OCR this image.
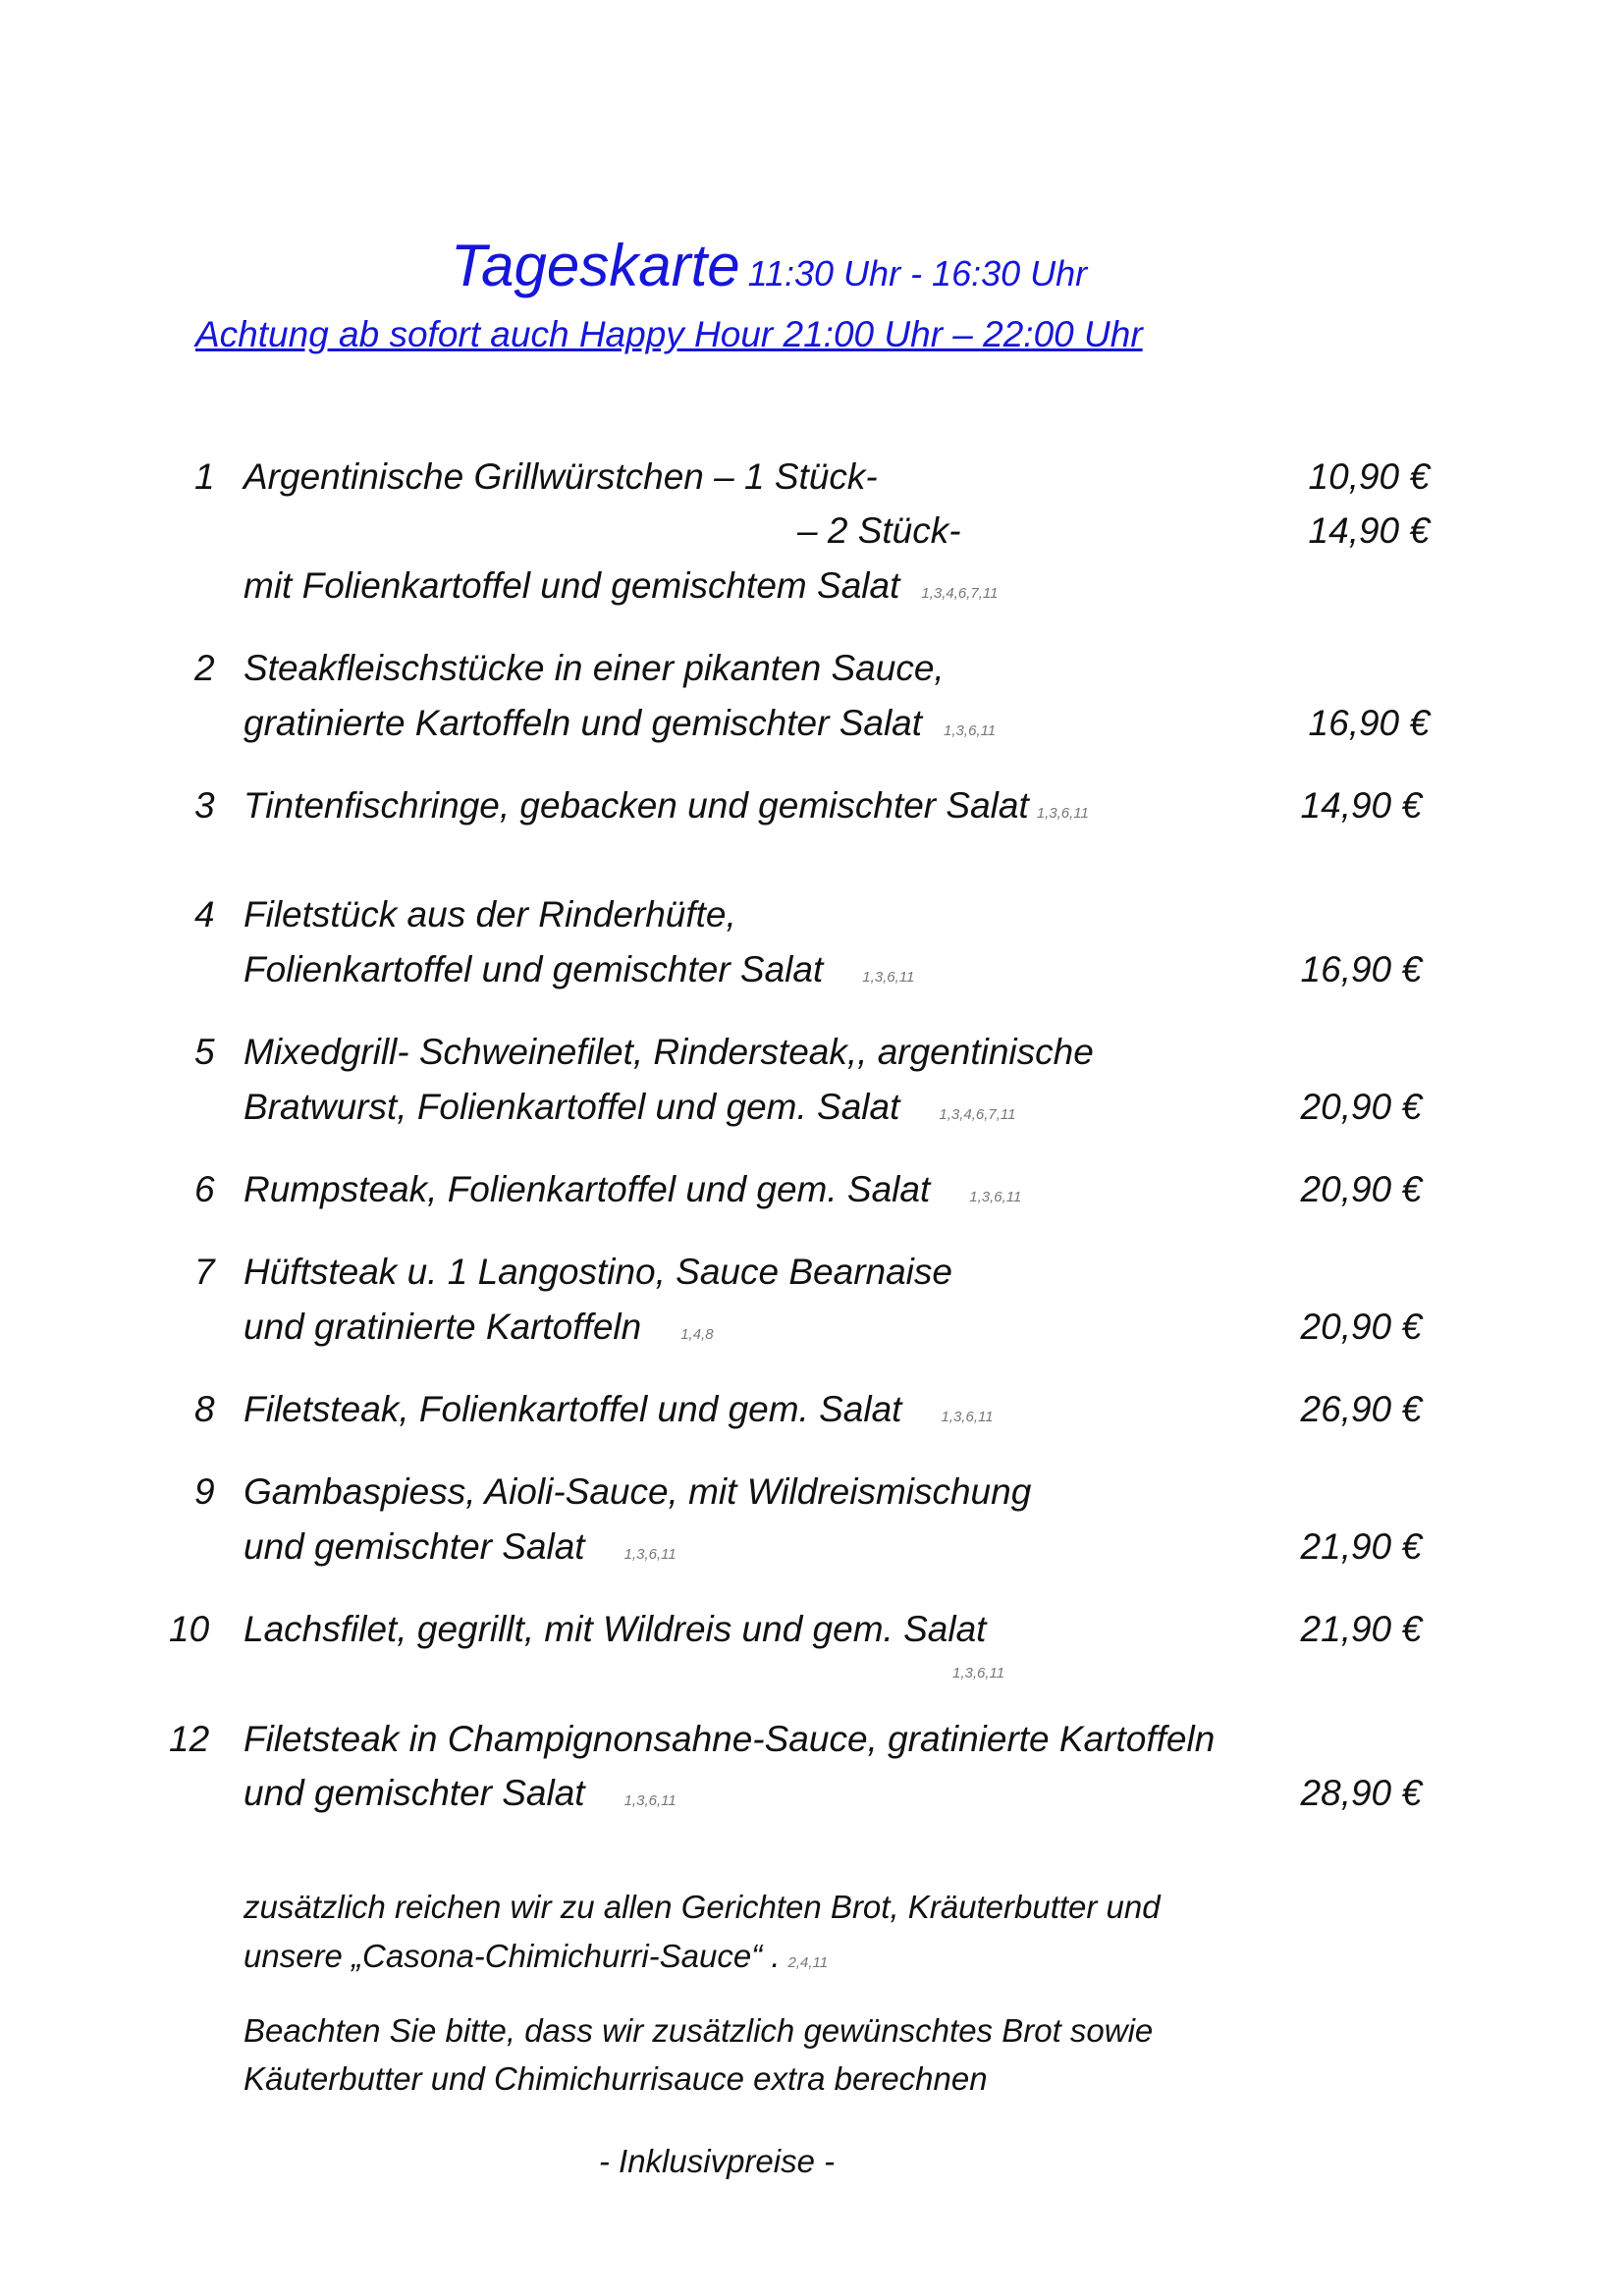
Tageskarte 11:30 Uhr - 16:30 Uhr
Achtung ab sofort auch Happy Hour 21:00 Uhr – 22:00 Uhr
1 Argentinische Grillwürstchen – 1 Stück-	10,90 €
– 2 Stück-	14,90 €
mit Folienkartoffel und gemischtem Salat 1,3,4,6,7,11
2 Steakfleischstücke in einer pikanten Sauce,
gratinierte Kartoffeln und gemischter Salat 1,3,6,11	16,90 €
3 Tintenfischringe, gebacken und gemischter Salat 1,3,6,11	14,90 €
4 Filetstück aus der Rinderhüfte,
Folienkartoffel und gemischter Salat	1,3,6,11	16,90 €
5 Mixedgrill- Schweinefilet, Rindersteak,, argentinische
Bratwurst, Folienkartoffel und gem. Salat	1,3,4,6,7,11	20,90 €
6 Rumpsteak, Folienkartoffel und gem. Salat	1,3,6,11	20,90 €
7 Hüftsteak u. 1 Langostino, Sauce Bearnaise
und gratinierte Kartoffeln	1,4,8	20,90 €
8 Filetsteak, Folienkartoffel und gem. Salat	1,3,6,11	26,90 €
9 Gambaspiess, Aioli-Sauce, mit Wildreismischung
und gemischter Salat	1,3,6,11	21,90 €
10 Lachsfilet, gegrillt, mit Wildreis und gem. Salat	21,90 €
1,3,6,11
12 Filetsteak in Champignonsahne-Sauce, gratinierte Kartoffeln
und gemischter Salat	1,3,6,11	28,90 €
zusätzlich reichen wir zu allen Gerichten Brot, Kräuterbutter und
unsere „Casona-Chimichurri-Sauce“ . 2,4,11
Beachten Sie bitte, dass wir zusätzlich gewünschtes Brot sowie
Käuterbutter und Chimichurrisauce extra berechnen
- Inklusivpreise -
